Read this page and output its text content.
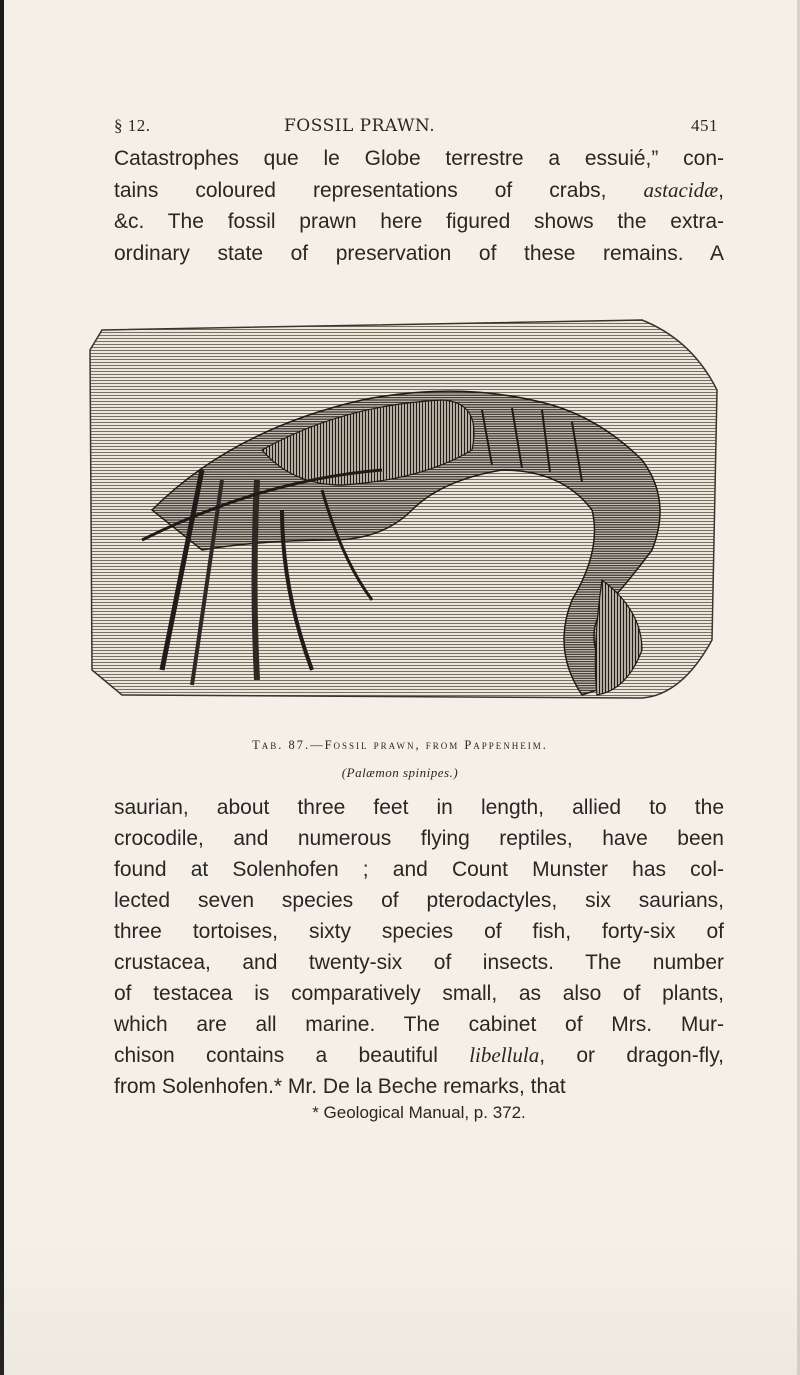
§ 12.	FOSSIL PRAWN.	451

Catastrophes que le Globe terrestre a essuié,” con-
tains coloured representations of crabs, astacidæ,
&c. The fossil prawn here figured shows the extra-
ordinary state of preservation of these remains. A

Tab. 87.—Fossil prawn, from Pappenheim.

(Palæmon spinipes.)

saurian, about three feet in length, allied to the
crocodile, and numerous flying reptiles, have been
found at Solenhofen ; and Count Munster has col-
lected seven species of pterodactyles, six saurians,
three tortoises, sixty species of fish, forty-six of
crustacea, and twenty-six of insects. The number
of testacea is comparatively small, as also of plants,
which are all marine. The cabinet of Mrs. Mur-
chison contains a beautiful libellula, or dragon-fly,
from Solenhofen.* Mr. De la Beche remarks, that

* Geological Manual, p. 372.
